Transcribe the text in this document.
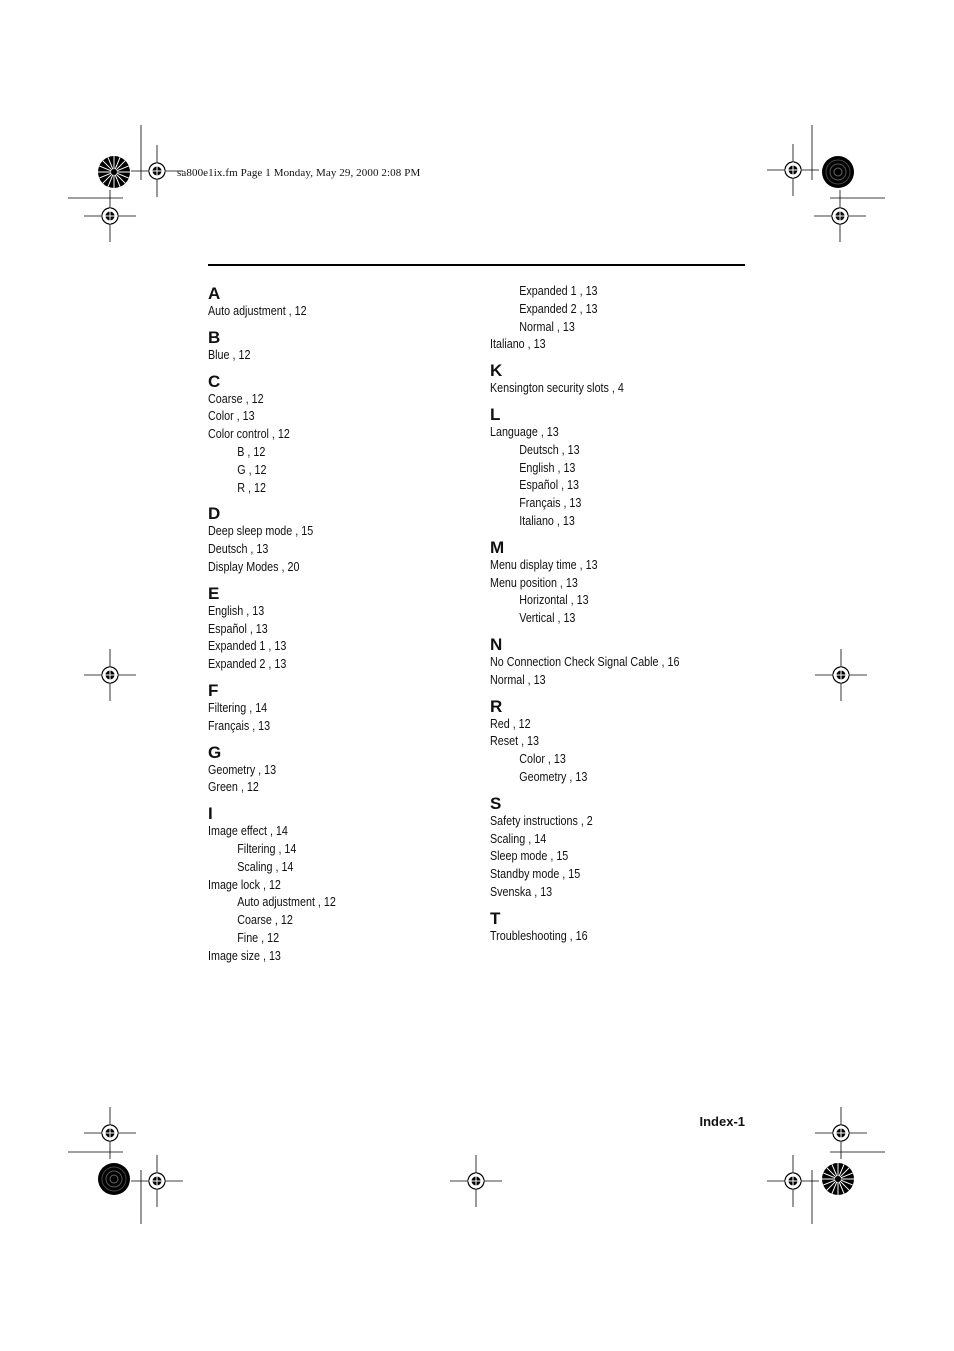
sa800e1ix.fm Page 1 Monday, May 29, 2000 2:08 PM
A
Auto adjustment , 12
B
Blue , 12
C
Coarse , 12
Color , 13
Color control , 12
B , 12
G , 12
R , 12
D
Deep sleep mode , 15
Deutsch , 13
Display Modes , 20
E
English , 13
Español , 13
Expanded 1 , 13
Expanded 2 , 13
F
Filtering , 14
Français , 13
G
Geometry , 13
Green , 12
I
Image effect , 14
Filtering , 14
Scaling , 14
Image lock , 12
Auto adjustment , 12
Coarse , 12
Fine , 12
Image size , 13
Expanded 1 , 13
Expanded 2 , 13
Normal , 13
Italiano , 13
K
Kensington security slots , 4
L
Language , 13
Deutsch , 13
English , 13
Español , 13
Français , 13
Italiano , 13
M
Menu display time , 13
Menu position , 13
Horizontal , 13
Vertical , 13
N
No Connection Check Signal Cable , 16
Normal , 13
R
Red , 12
Reset , 13
Color , 13
Geometry , 13
S
Safety instructions , 2
Scaling , 14
Sleep mode , 15
Standby mode , 15
Svenska , 13
T
Troubleshooting , 16
Index-1
